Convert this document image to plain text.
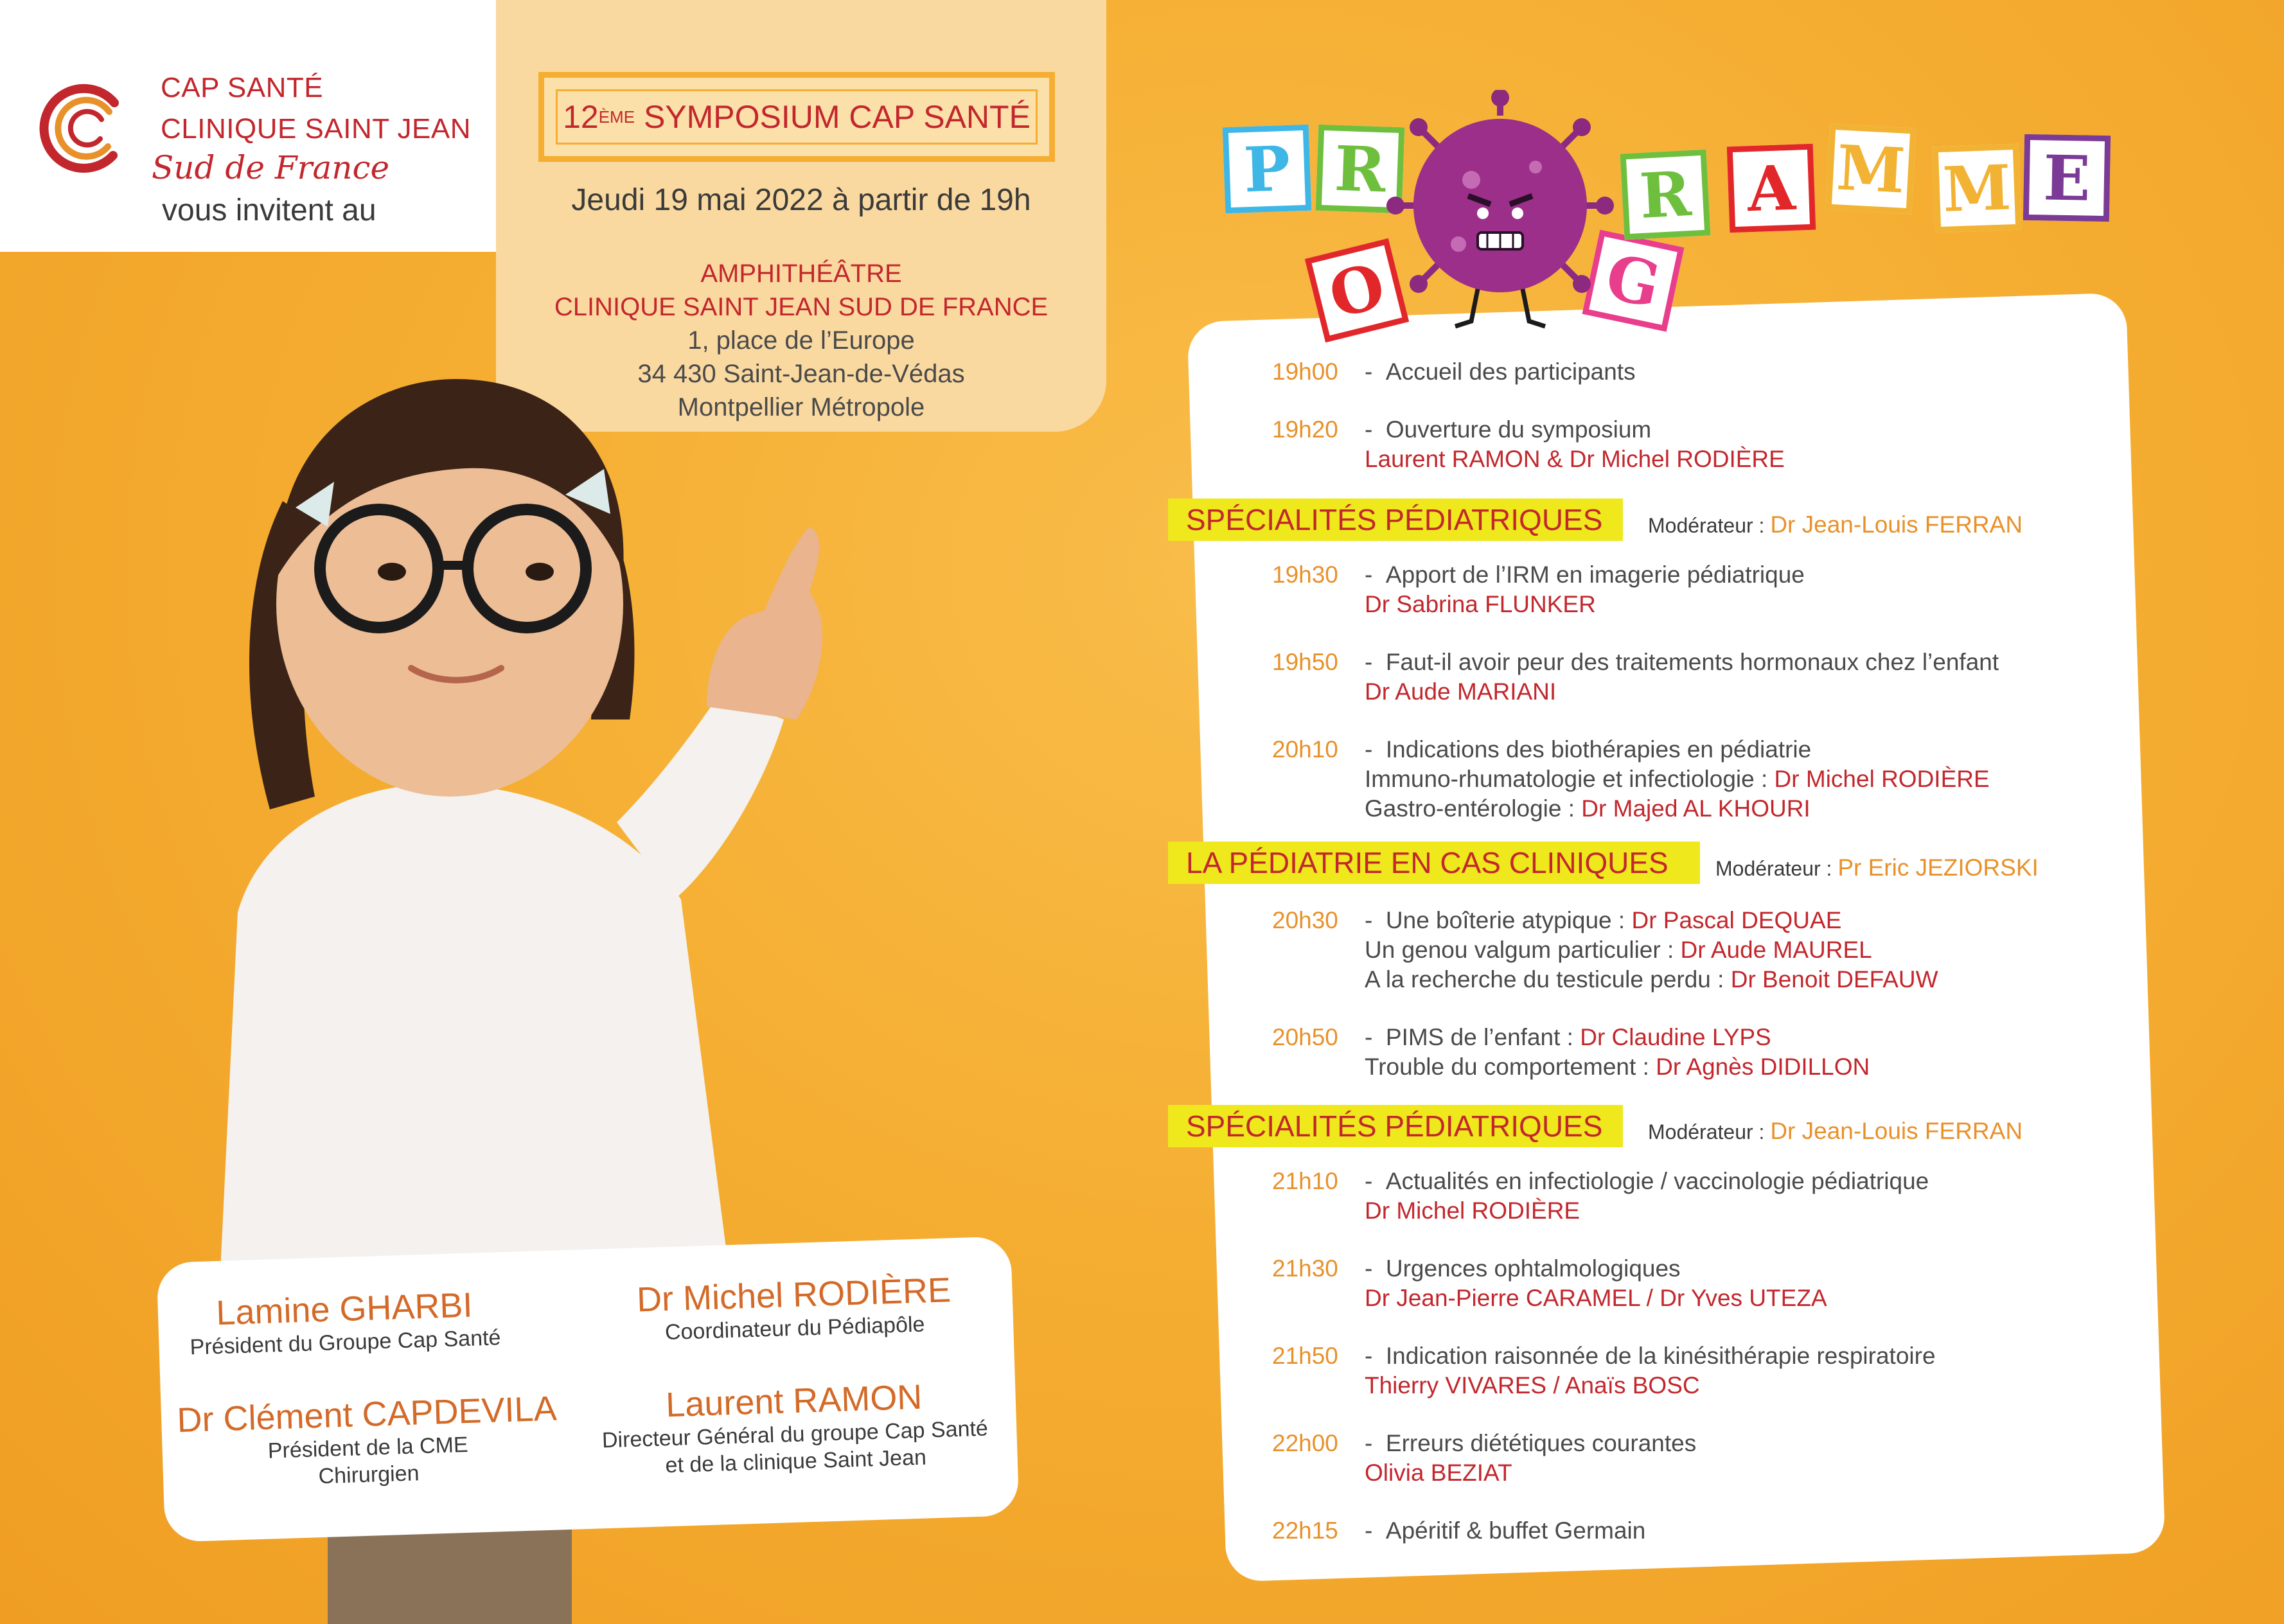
CAP SANTÉ
CLINIQUE SAINT JEAN
Sud de France
vous invitent au
12 ÈME SYMPOSIUM CAP SANTÉ
Jeudi 19 mai 2022 à partir de 19h
AMPHITHÉÂTRE
CLINIQUE SAINT JEAN SUD DE FRANCE
1, place de l’Europe
34 430 Saint-Jean-de-Védas
Montpellier Métropole
Lamine GHARBI
Président du Groupe Cap Santé
Dr Michel RODIÈRE
Coordinateur du Pédiapôle
Dr Clément CAPDEVILA
Président de la CME
Chirurgien
Laurent RAMON
Directeur Général du groupe Cap Santé
et de la clinique Saint Jean
P R
O	G
R A M M E
19h00 -  Accueil des participants
19h20 -  Ouverture du symposium
Laurent RAMON & Dr Michel RODIÈRE
SPÉCIALITÉS PÉDIATRIQUES	Modérateur : Dr Jean-Louis FERRAN
19h30 -  Apport de l’IRM en imagerie pédiatrique
Dr Sabrina FLUNKER
19h50 -  Faut-il avoir peur des traitements hormonaux chez l’enfant
Dr Aude MARIANI
20h10 -  Indications des biothérapies en pédiatrie
Immuno-rhumatologie et infectiologie : Dr Michel RODIÈRE
Gastro-entérologie : Dr Majed AL KHOURI
LA PÉDIATRIE EN CAS CLINIQUES	Modérateur : Pr Eric JEZIORSKI
20h30 -  Une boîterie atypique : Dr Pascal DEQUAE
Un genou valgum particulier : Dr Aude MAUREL
A la recherche du testicule perdu : Dr Benoit DEFAUW
20h50 -  PIMS de l’enfant : Dr Claudine LYPS
Trouble du comportement : Dr Agnès DIDILLON
SPÉCIALITÉS PÉDIATRIQUES	Modérateur : Dr Jean-Louis FERRAN
21h10 -  Actualités en infectiologie / vaccinologie pédiatrique
Dr Michel RODIÈRE
21h30 -  Urgences ophtalmologiques
Dr Jean-Pierre CARAMEL / Dr Yves UTEZA
21h50 -  Indication raisonnée de la kinésithérapie respiratoire
Thierry VIVARES / Anaïs BOSC
22h00 -  Erreurs diététiques courantes
Olivia BEZIAT
22h15 -  Apéritif & buffet Germain
